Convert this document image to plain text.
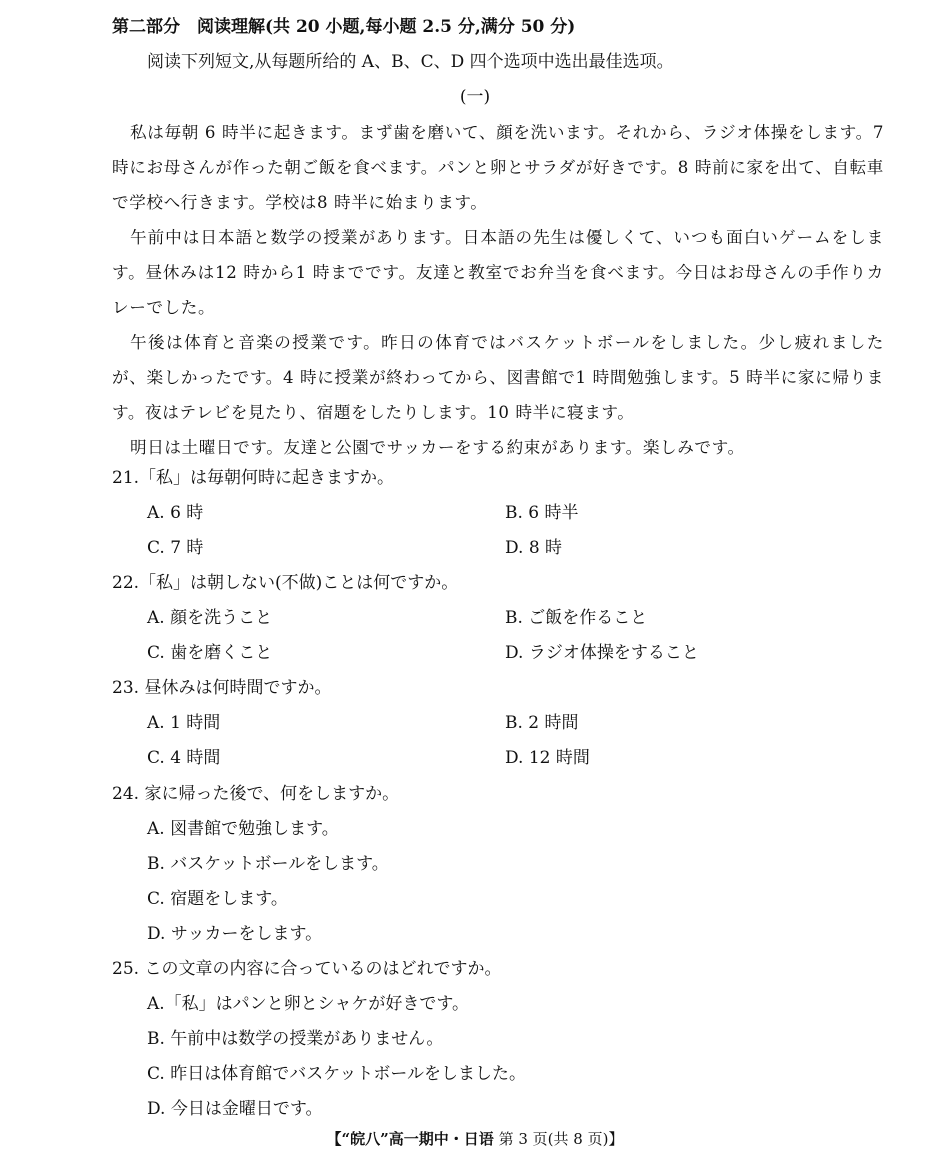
第二部分　阅读理解(共 20 小题,每小题 2.5 分,满分 50 分)
阅读下列短文,从每题所给的 A、B、C、D 四个选项中选出最佳选项。
(一)

私は毎朝 6 時半に起きます。まず歯を磨いて、顔を洗います。それから、ラジオ体操をします。7 時にお母さんが作った朝ご飯を食べます。パンと卵とサラダが好きです。8 時前に家を出て、自転車で学校へ行きます。学校は8 時半に始まります。

午前中は日本語と数学の授業があります。日本語の先生は優しくて、いつも面白いゲームをします。昼休みは12 時から1 時までです。友達と教室でお弁当を食べます。今日はお母さんの手作りカレーでした。

午後は体育と音楽の授業です。昨日の体育ではバスケットボールをしました。少し疲れましたが、楽しかったです。4 時に授業が終わってから、図書館で1 時間勉強します。5 時半に家に帰ります。夜はテレビを見たり、宿題をしたりします。10 時半に寝ます。

明日は土曜日です。友達と公園でサッカーをする約束があります。楽しみです。

21.「私」は毎朝何時に起きますか。
A. 6 時	B. 6 時半
C. 7 時	D. 8 時
22.「私」は朝しない(不做)ことは何ですか。
A. 顔を洗うこと	B. ご飯を作ること
C. 歯を磨くこと	D. ラジオ体操をすること
23. 昼休みは何時間ですか。
A. 1 時間	B. 2 時間
C. 4 時間	D. 12 時間
24. 家に帰った後で、何をしますか。
A. 図書館で勉強します。
B. バスケットボールをします。
C. 宿題をします。
D. サッカーをします。
25. この文章の内容に合っているのはどれですか。
A.「私」はパンと卵とシャケが好きです。
B. 午前中は数学の授業がありません。
C. 昨日は体育館でバスケットボールをしました。
D. 今日は金曜日です。
【“皖八”高一期中・日语 第 3 页(共 8 页)】
